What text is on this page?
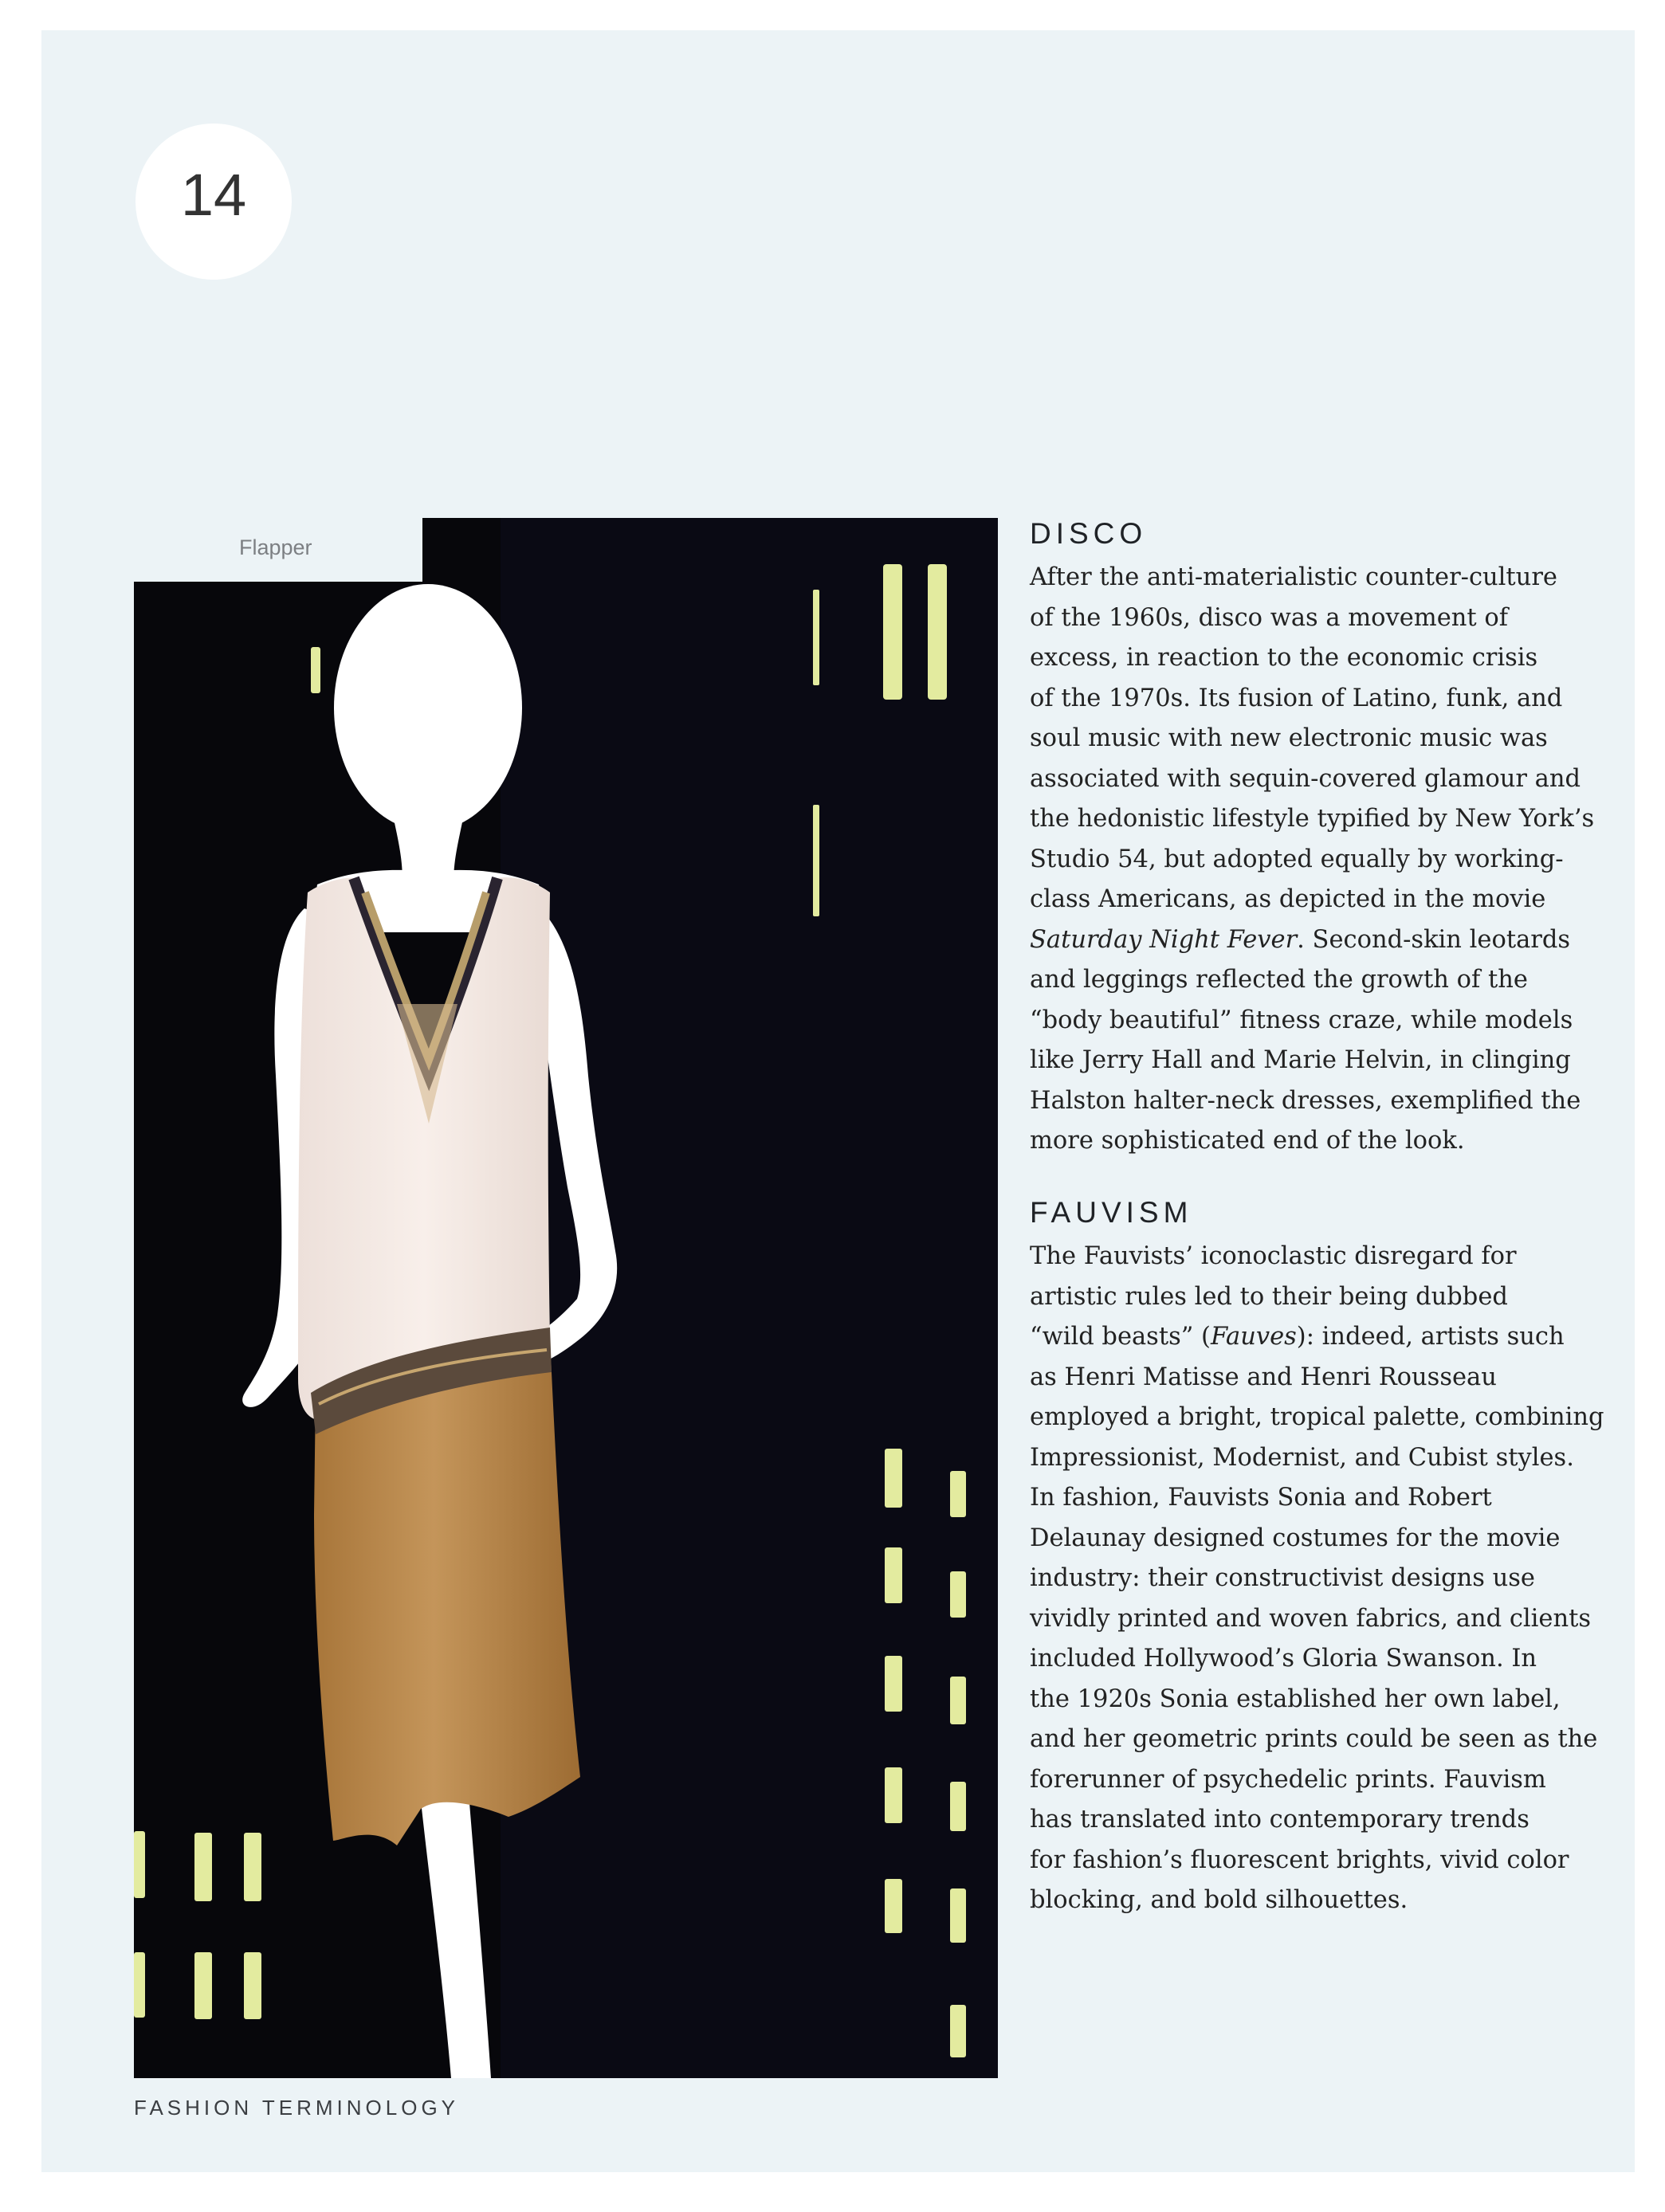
14
Flapper	DISCO

After the anti-materialistic counter-culture
of the 1960s, disco was a movement of
excess, in reaction to the economic crisis
of the 1970s. Its fusion of Latino, funk, and
soul music with new electronic music was
associated with sequin-covered glamour and
the hedonistic lifestyle typified by New York’s
Studio 54, but adopted equally by working-
class Americans, as depicted in the movie
Saturday Night Fever. Second-skin leotards
and leggings reflected the growth of the
“body beautiful” fitness craze, while models
like Jerry Hall and Marie Helvin, in clinging
Halston halter-neck dresses, exemplified the
more sophisticated end of the look.

FAUVISM

The Fauvists’ iconoclastic disregard for
artistic rules led to their being dubbed
“wild beasts” (Fauves): indeed, artists such
as Henri Matisse and Henri Rousseau
employed a bright, tropical palette, combining
Impressionist, Modernist, and Cubist styles.
In fashion, Fauvists Sonia and Robert
Delaunay designed costumes for the movie
industry: their constructivist designs use
vividly printed and woven fabrics, and clients
included Hollywood’s Gloria Swanson. In
the 1920s Sonia established her own label,
and her geometric prints could be seen as the
forerunner of psychedelic prints. Fauvism
has translated into contemporary trends
for fashion’s fluorescent brights, vivid color
blocking, and bold silhouettes.

FASHION TERMINOLOGY
